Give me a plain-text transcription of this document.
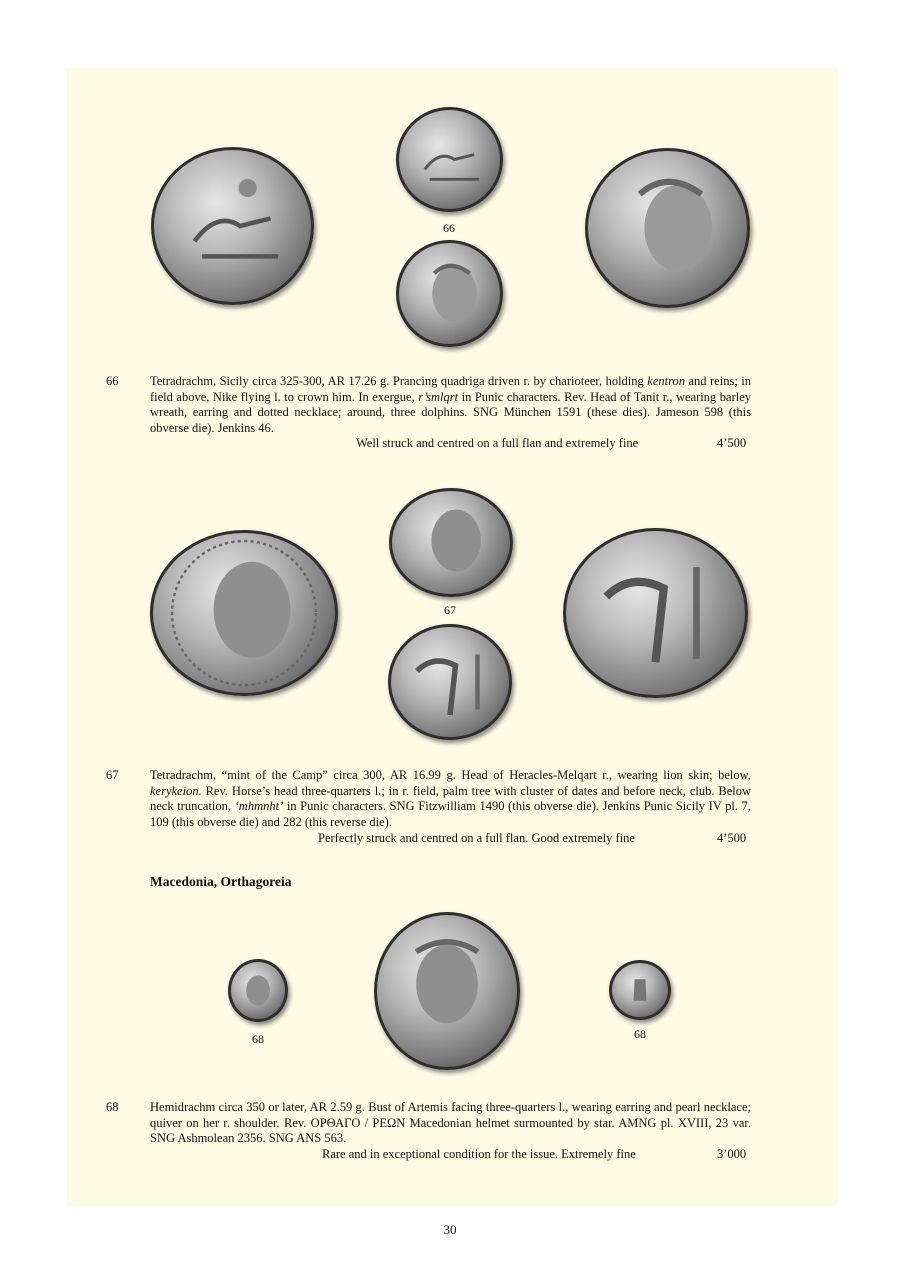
66
66	Tetradrachm, Sicily circa 325-300, AR 17.26 g. Prancing quadriga driven r. by charioteer, holding kentron and reins; in field above, Nike flying l. to crown him. In exergue, r’smlqrt in Punic characters. Rev. Head of Tanit r., wearing barley wreath, earring and dotted necklace; around, three dolphins. SNG München 1591 (these dies). Jameson 598 (this obverse die). Jenkins 46.

Well struck and centred on a full flan and extremely fine	4’500
67
67	Tetradrachm, “mint of the Camp” circa 300, AR 16.99 g. Head of Heracles-Melqart r., wearing lion skin; below, kerykeion. Rev. Horse’s head three-quarters l.; in r. field, palm tree with cluster of dates and before neck, club. Below neck truncation, ‘mhmnht’ in Punic characters. SNG Fitzwilliam 1490 (this obverse die). Jenkins Punic Sicily IV pl. 7, 109 (this obverse die) and 282 (this reverse die).

Perfectly struck and centred on a full flan. Good extremely fine	4’500
Macedonia, Orthagoreia
68	68
68	Hemidrachm circa 350 or later, AR 2.59 g. Bust of Artemis facing three-quarters l., wearing earring and pearl necklace; quiver on her r. shoulder. Rev. ΟΡΘΑΓΟ / ΡΕΩΝ Macedonian helmet surmounted by star. AMNG pl. XVIII, 23 var. SNG Ashmolean 2356. SNG ANS 563.

Rare and in exceptional condition for the issue. Extremely fine	3’000
30
